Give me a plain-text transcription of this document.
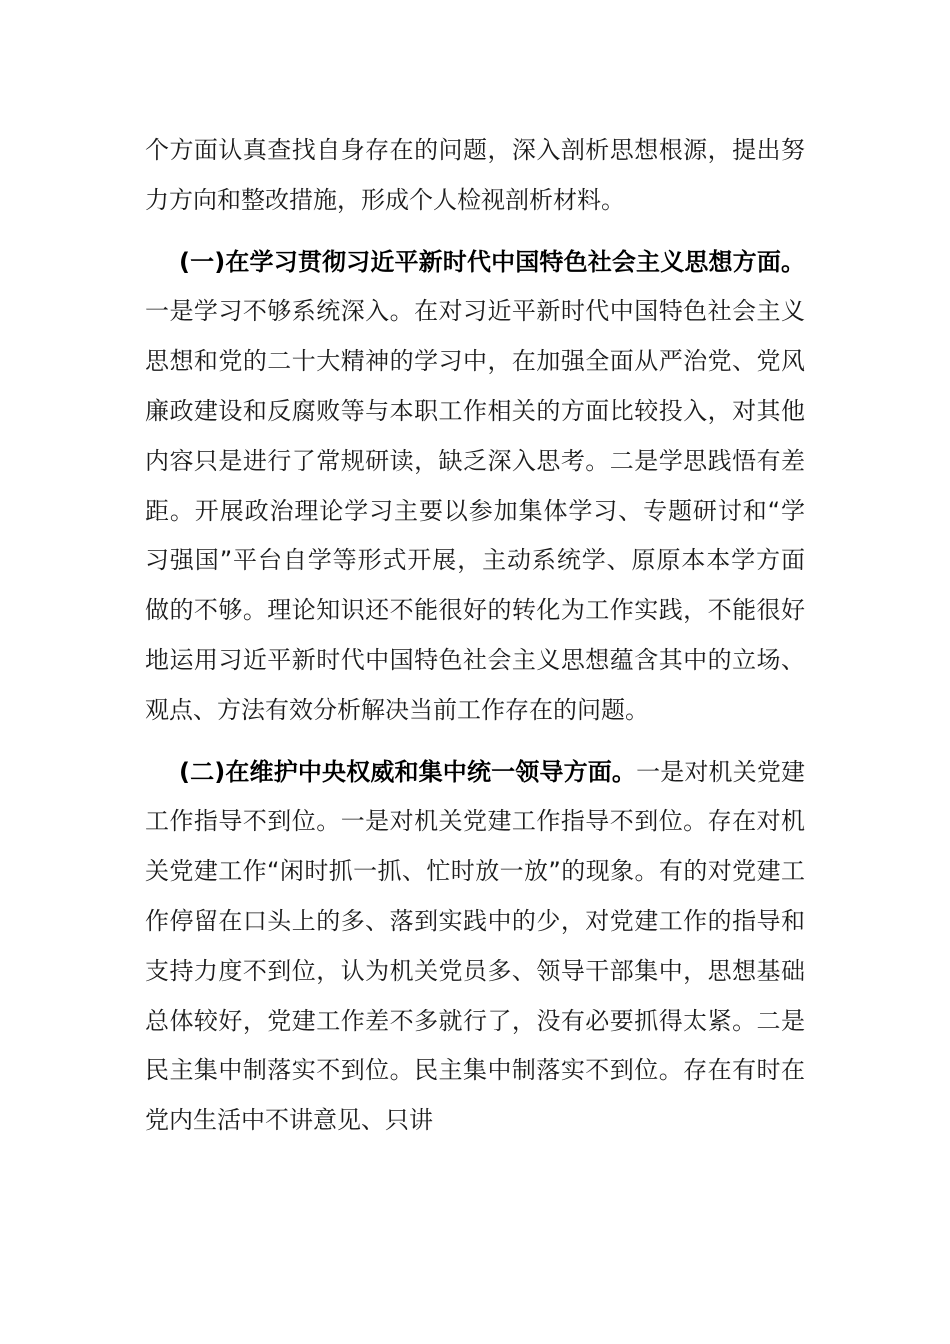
个方面认真查找自身存在的问题，深入剖析思想根源，提出努力方向和整改措施，形成个人检视剖析材料。

(一)在学习贯彻习近平新时代中国特色社会主义思想方面。一是学习不够系统深入。在对习近平新时代中国特色社会主义思想和党的二十大精神的学习中，在加强全面从严治党、党风廉政建设和反腐败等与本职工作相关的方面比较投入，对其他内容只是进行了常规研读，缺乏深入思考。二是学思践悟有差距。开展政治理论学习主要以参加集体学习、专题研讨和“学习强国”平台自学等形式开展，主动系统学、原原本本学方面做的不够。理论知识还不能很好的转化为工作实践，不能很好地运用习近平新时代中国特色社会主义思想蕴含其中的立场、观点、方法有效分析解决当前工作存在的问题。

(二)在维护中央权威和集中统一领导方面。一是对机关党建工作指导不到位。一是对机关党建工作指导不到位。存在对机关党建工作“闲时抓一抓、忙时放一放”的现象。有的对党建工作停留在口头上的多、落到实践中的少，对党建工作的指导和支持力度不到位，认为机关党员多、领导干部集中，思想基础总体较好，党建工作差不多就行了，没有必要抓得太紧。二是民主集中制落实不到位。民主集中制落实不到位。存在有时在党内生活中不讲意见、只讲
